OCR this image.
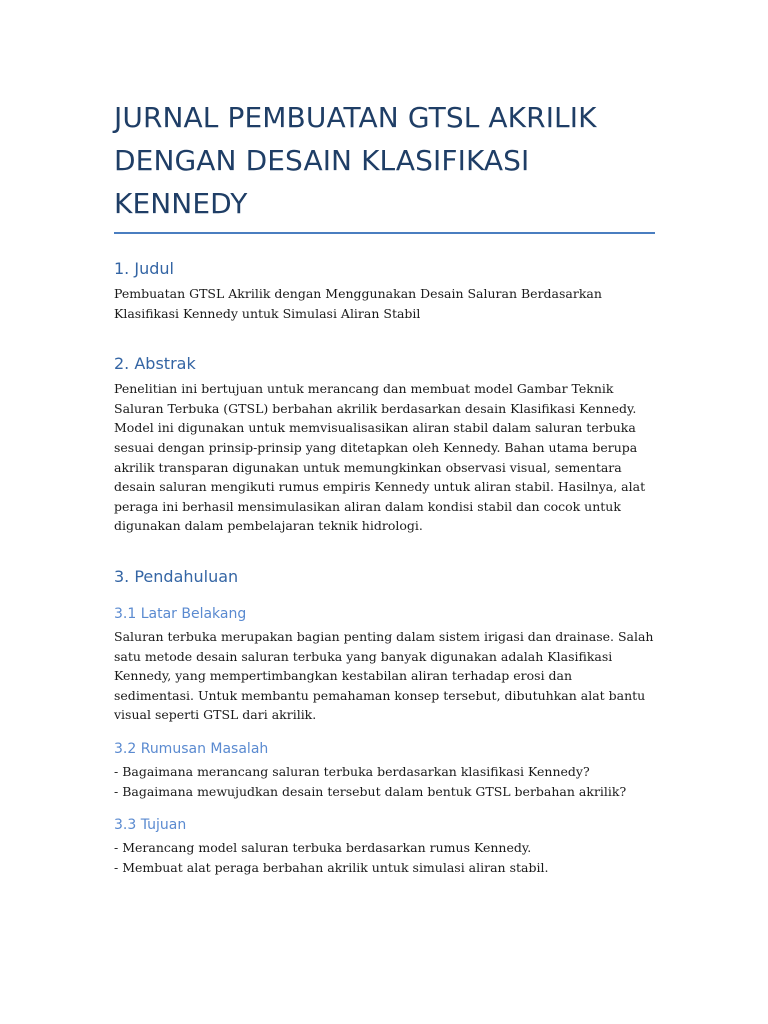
JURNAL PEMBUATAN GTSL AKRILIK DENGAN DESAIN KLASIFIKASI KENNEDY
1. Judul

Pembuatan GTSL Akrilik dengan Menggunakan Desain Saluran Berdasarkan Klasifikasi Kennedy untuk Simulasi Aliran Stabil

2. Abstrak

Penelitian ini bertujuan untuk merancang dan membuat model Gambar Teknik Saluran Terbuka (GTSL) berbahan akrilik berdasarkan desain Klasifikasi Kennedy. Model ini digunakan untuk memvisualisasikan aliran stabil dalam saluran terbuka sesuai dengan prinsip-prinsip yang ditetapkan oleh Kennedy. Bahan utama berupa akrilik transparan digunakan untuk memungkinkan observasi visual, sementara desain saluran mengikuti rumus empiris Kennedy untuk aliran stabil. Hasilnya, alat peraga ini berhasil mensimulasikan aliran dalam kondisi stabil dan cocok untuk digunakan dalam pembelajaran teknik hidrologi.

3. Pendahuluan
3.1 Latar Belakang

Saluran terbuka merupakan bagian penting dalam sistem irigasi dan drainase. Salah satu metode desain saluran terbuka yang banyak digunakan adalah Klasifikasi Kennedy, yang mempertimbangkan kestabilan aliran terhadap erosi dan sedimentasi. Untuk membantu pemahaman konsep tersebut, dibutuhkan alat bantu visual seperti GTSL dari akrilik.

3.2 Rumusan Masalah

- Bagaimana merancang saluran terbuka berdasarkan klasifikasi Kennedy?
- Bagaimana mewujudkan desain tersebut dalam bentuk GTSL berbahan akrilik?

3.3 Tujuan

- Merancang model saluran terbuka berdasarkan rumus Kennedy.
- Membuat alat peraga berbahan akrilik untuk simulasi aliran stabil.
